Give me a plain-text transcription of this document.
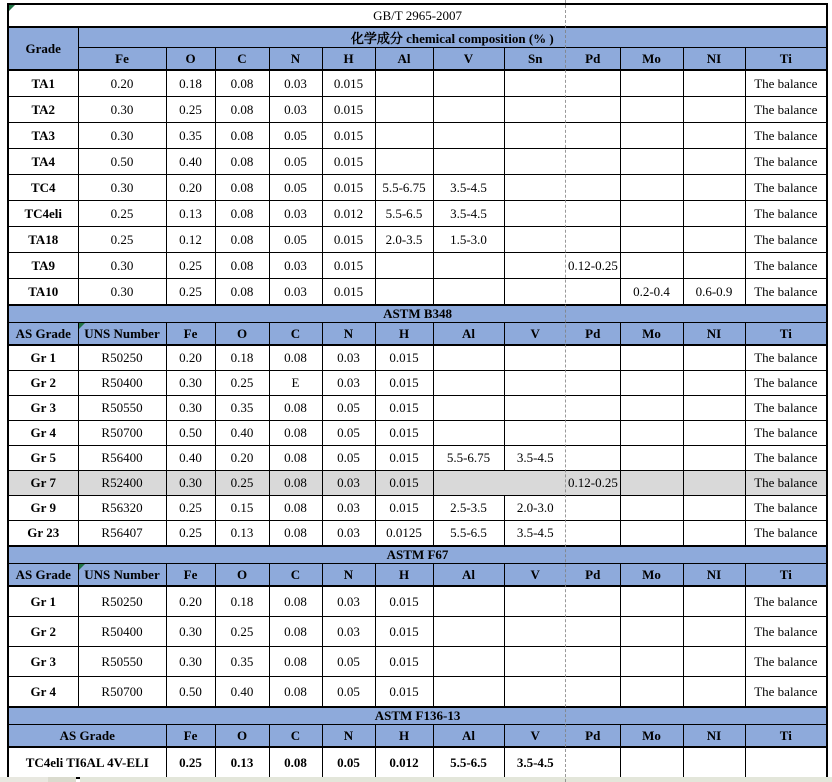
GB/T 2965-2007												
Grade	化学成分 chemical composition (% )											
	Fe	O	C	N	H	Al	V	Sn	Pd	Mo	NI	Ti
TA1	0.20	0.18	0.08	0.03	0.015							The balance
TA2	0.30	0.25	0.08	0.03	0.015							The balance
TA3	0.30	0.35	0.08	0.05	0.015							The balance
TA4	0.50	0.40	0.08	0.05	0.015							The balance
TC4	0.30	0.20	0.08	0.05	0.015	5.5-6.75	3.5-4.5					The balance
TC4eli	0.25	0.13	0.08	0.03	0.012	5.5-6.5	3.5-4.5					The balance
TA18	0.25	0.12	0.08	0.05	0.015	2.0-3.5	1.5-3.0					The balance
TA9	0.30	0.25	0.08	0.03	0.015				0.12-0.25			The balance
TA10	0.30	0.25	0.08	0.03	0.015					0.2-0.4	0.6-0.9	The balance
ASTM B348												
AS Grade	UNS Number	Fe	O	C	N	H	Al	V	Pd	Mo	NI	Ti
Gr 1	R50250	0.20	0.18	0.08	0.03	0.015						The balance
Gr 2	R50400	0.30	0.25	E	0.03	0.015						The balance
Gr 3	R50550	0.30	0.35	0.08	0.05	0.015						The balance
Gr 4	R50700	0.50	0.40	0.08	0.05	0.015						The balance
Gr 5	R56400	0.40	0.20	0.08	0.05	0.015	5.5-6.75	3.5-4.5				The balance
Gr 7	R52400	0.30	0.25	0.08	0.03	0.015			0.12-0.25			The balance
Gr 9	R56320	0.25	0.15	0.08	0.03	0.015	2.5-3.5	2.0-3.0				The balance
Gr 23	R56407	0.25	0.13	0.08	0.03	0.0125	5.5-6.5	3.5-4.5				The balance
ASTM F67												
AS Grade	UNS Number	Fe	O	C	N	H	Al	V	Pd	Mo	NI	Ti
Gr 1	R50250	0.20	0.18	0.08	0.03	0.015						The balance
Gr 2	R50400	0.30	0.25	0.08	0.03	0.015						The balance
Gr 3	R50550	0.30	0.35	0.08	0.05	0.015						The balance
Gr 4	R50700	0.50	0.40	0.08	0.05	0.015						The balance
ASTM F136-13												
AS Grade		Fe	O	C	N	H	Al	V	Pd	Mo	NI	Ti
TC4eli TI6AL 4V-ELI		0.25	0.13	0.08	0.05	0.012	5.5-6.5	3.5-4.5				
